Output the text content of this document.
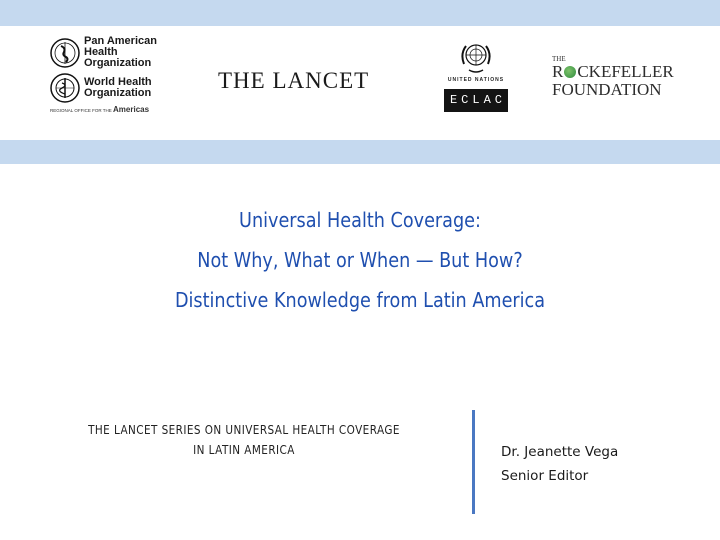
Pan American
Health
Organization
World Health
Organization
REGIONAL OFFICE FOR THE Americas
THE LANCET	UNITED NATIONS
ECLAC
THE
R CKEFELLER
FOUNDATION
Universal Health Coverage:
Not Why, What or When — But How?
Distinctive Knowledge from Latin America
THE LANCET SERIES ON UNIVERSAL HEALTH COVERAGE
IN LATIN AMERICA	Dr. Jeanette Vega
Senior Editor
